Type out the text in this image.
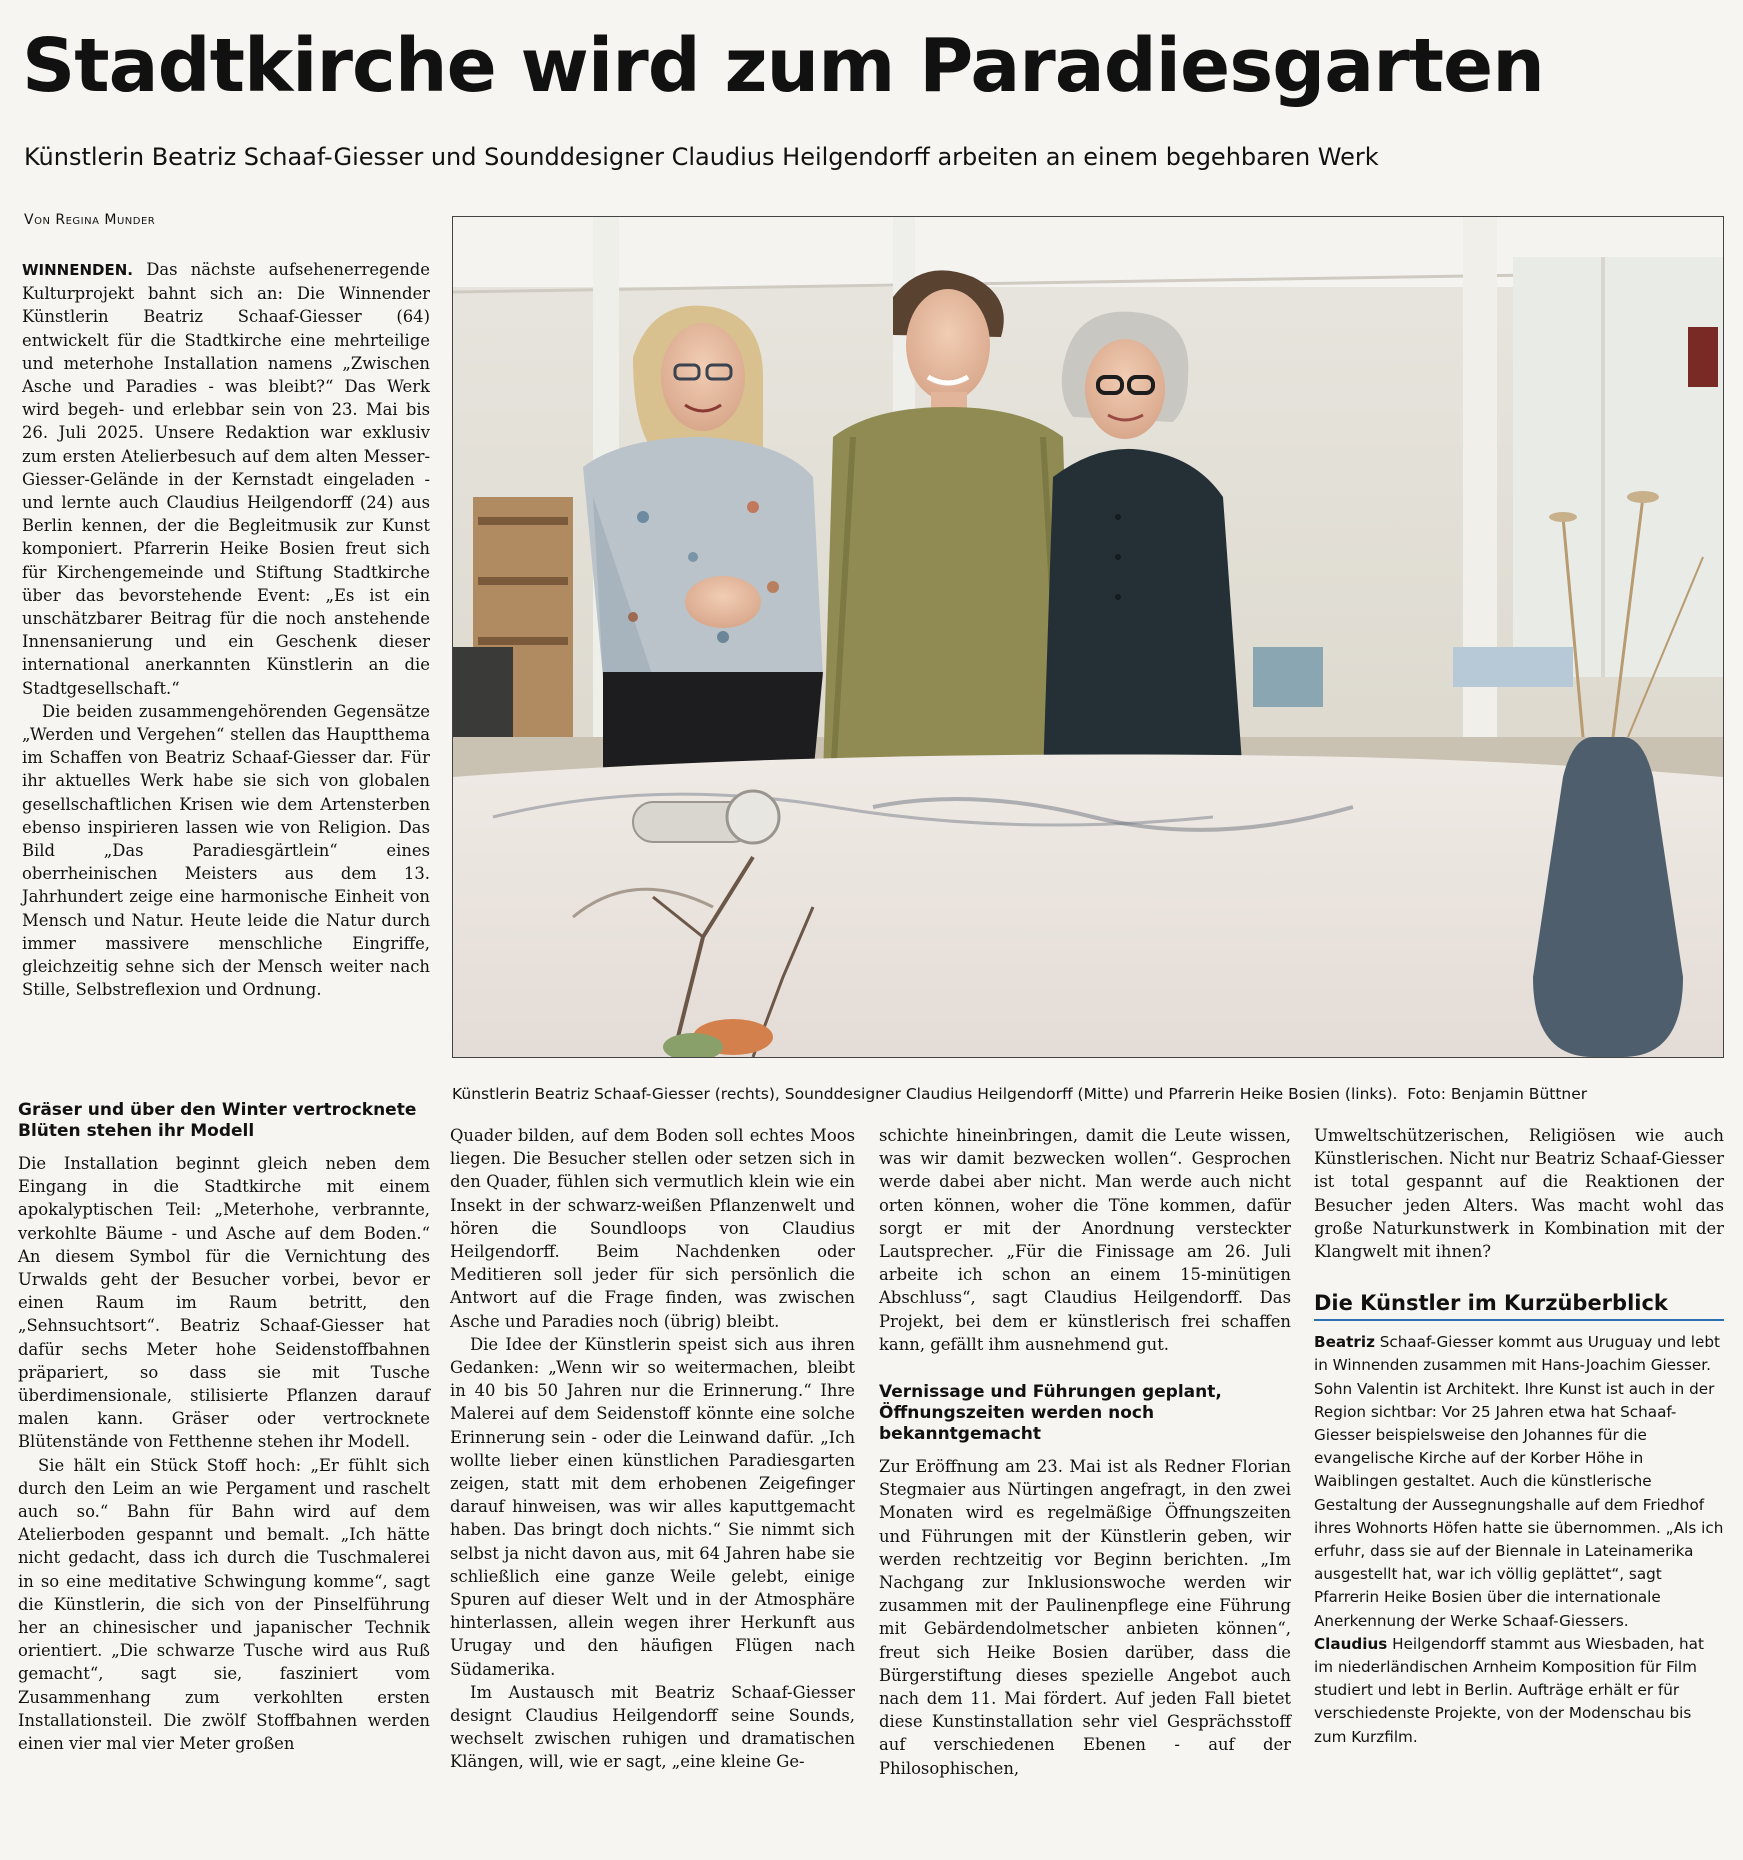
Stadtkirche wird zum Paradiesgarten
Künstlerin Beatriz Schaaf-Giesser und Sounddesigner Claudius Heilgendorff arbeiten an einem begehbaren Werk
Von Regina Munder

WINNENDEN. Das nächste aufsehenerregende Kulturprojekt bahnt sich an: Die Winnender Künstlerin Beatriz Schaaf-Giesser (64) entwickelt für die Stadtkirche eine mehrteilige und meterhohe Installation namens „Zwischen Asche und Paradies - was bleibt?“ Das Werk wird begeh- und erlebbar sein von 23. Mai bis 26. Juli 2025. Unsere Redaktion war exklusiv zum ersten Atelierbesuch auf dem alten Messer-Giesser-Gelände in der Kernstadt eingeladen - und lernte auch Claudius Heilgendorff (24) aus Berlin kennen, der die Begleitmusik zur Kunst komponiert. Pfarrerin Heike Bosien freut sich für Kirchengemeinde und Stiftung Stadtkirche über das bevorstehende Event: „Es ist ein unschätzbarer Beitrag für die noch anstehende Innensanierung und ein Geschenk dieser international anerkannten Künstlerin an die Stadtgesellschaft.“

Die beiden zusammengehörenden Gegensätze „Werden und Vergehen“ stellen das Hauptthema im Schaffen von Beatriz Schaaf-Giesser dar. Für ihr aktuelles Werk habe sie sich von globalen gesellschaftlichen Krisen wie dem Artensterben ebenso inspirieren lassen wie von Religion. Das Bild „Das Paradiesgärtlein“ eines oberrheinischen Meisters aus dem 13. Jahrhundert zeige eine harmonische Einheit von Mensch und Natur. Heute leide die Natur durch immer massivere menschliche Eingriffe, gleichzeitig sehne sich der Mensch weiter nach Stille, Selbstreflexion und Ordnung.

Gräser und über den Winter vertrocknete Blüten stehen ihr Modell

Die Installation beginnt gleich neben dem Eingang in die Stadtkirche mit einem apokalyptischen Teil: „Meterhohe, verbrannte, verkohlte Bäume - und Asche auf dem Boden.“ An diesem Symbol für die Vernichtung des Urwalds geht der Besucher vorbei, bevor er einen Raum im Raum betritt, den „Sehnsuchtsort“. Beatriz Schaaf-Giesser hat dafür sechs Meter hohe Seidenstoffbahnen präpariert, so dass sie mit Tusche überdimensionale, stilisierte Pflanzen darauf malen kann. Gräser oder vertrocknete Blütenstände von Fetthenne stehen ihr Modell.

Sie hält ein Stück Stoff hoch: „Er fühlt sich durch den Leim an wie Pergament und raschelt auch so.“ Bahn für Bahn wird auf dem Atelierboden gespannt und bemalt. „Ich hätte nicht gedacht, dass ich durch die Tuschmalerei in so eine meditative Schwingung komme“, sagt die Künstlerin, die sich von der Pinselführung her an chinesischer und japanischer Technik orientiert. „Die schwarze Tusche wird aus Ruß gemacht“, sagt sie, fasziniert vom Zusammenhang zum verkohlten ersten Installationsteil. Die zwölf Stoffbahnen werden einen vier mal vier Meter großen

Künstlerin Beatriz Schaaf-Giesser (rechts), Sounddesigner Claudius Heilgendorff (Mitte) und Pfarrerin Heike Bosien (links). Foto: Benjamin Büttner

Quader bilden, auf dem Boden soll echtes Moos liegen. Die Besucher stellen oder setzen sich in den Quader, fühlen sich vermutlich klein wie ein Insekt in der schwarz-weißen Pflanzenwelt und hören die Soundloops von Claudius Heilgendorff. Beim Nachdenken oder Meditieren soll jeder für sich persönlich die Antwort auf die Frage finden, was zwischen Asche und Paradies noch (übrig) bleibt.

Die Idee der Künstlerin speist sich aus ihren Gedanken: „Wenn wir so weitermachen, bleibt in 40 bis 50 Jahren nur die Erinnerung.“ Ihre Malerei auf dem Seidenstoff könnte eine solche Erinnerung sein - oder die Leinwand dafür. „Ich wollte lieber einen künstlichen Paradiesgarten zeigen, statt mit dem erhobenen Zeigefinger darauf hinweisen, was wir alles kaputtgemacht haben. Das bringt doch nichts.“ Sie nimmt sich selbst ja nicht davon aus, mit 64 Jahren habe sie schließlich eine ganze Weile gelebt, einige Spuren auf dieser Welt und in der Atmosphäre hinterlassen, allein wegen ihrer Herkunft aus Urugay und den häufigen Flügen nach Südamerika.

Im Austausch mit Beatriz Schaaf-Giesser designt Claudius Heilgendorff seine Sounds, wechselt zwischen ruhigen und dramatischen Klängen, will, wie er sagt, „eine kleine Ge-

schichte hineinbringen, damit die Leute wissen, was wir damit bezwecken wollen“. Gesprochen werde dabei aber nicht. Man werde auch nicht orten können, woher die Töne kommen, dafür sorgt er mit der Anordnung versteckter Lautsprecher. „Für die Finissage am 26. Juli arbeite ich schon an einem 15-minütigen Abschluss“, sagt Claudius Heilgendorff. Das Projekt, bei dem er künstlerisch frei schaffen kann, gefällt ihm ausnehmend gut.

Vernissage und Führungen geplant, Öffnungszeiten werden noch bekanntgemacht

Zur Eröffnung am 23. Mai ist als Redner Florian Stegmaier aus Nürtingen angefragt, in den zwei Monaten wird es regelmäßige Öffnungszeiten und Führungen mit der Künstlerin geben, wir werden rechtzeitig vor Beginn berichten. „Im Nachgang zur Inklusionswoche werden wir zusammen mit der Paulinenpflege eine Führung mit Gebärdendolmetscher anbieten können“, freut sich Heike Bosien darüber, dass die Bürgerstiftung dieses spezielle Angebot auch nach dem 11. Mai fördert. Auf jeden Fall bietet diese Kunstinstallation sehr viel Gesprächsstoff auf verschiedenen Ebenen - auf der Philosophischen,

Umweltschützerischen, Religiösen wie auch Künstlerischen. Nicht nur Beatriz Schaaf-Giesser ist total gespannt auf die Reaktionen der Besucher jeden Alters. Was macht wohl das große Naturkunstwerk in Kombination mit der Klangwelt mit ihnen?

Die Künstler im Kurzüberblick
Beatriz Schaaf-Giesser kommt aus Uruguay und lebt in Winnenden zusammen mit Hans-Joachim Giesser. Sohn Valentin ist Architekt. Ihre Kunst ist auch in der Region sichtbar: Vor 25 Jahren etwa hat Schaaf-Giesser beispielsweise den Johannes für die evangelische Kirche auf der Korber Höhe in Waiblingen gestaltet. Auch die künstlerische Gestaltung der Aussegnungshalle auf dem Friedhof ihres Wohnorts Höfen hatte sie übernommen. „Als ich erfuhr, dass sie auf der Biennale in Lateinamerika ausgestellt hat, war ich völlig geplättet“, sagt Pfarrerin Heike Bosien über die internationale Anerkennung der Werke Schaaf-Giessers.
Claudius Heilgendorff stammt aus Wiesbaden, hat im niederländischen Arnheim Komposition für Film studiert und lebt in Berlin. Aufträge erhält er für verschiedenste Projekte, von der Modenschau bis zum Kurzfilm.
